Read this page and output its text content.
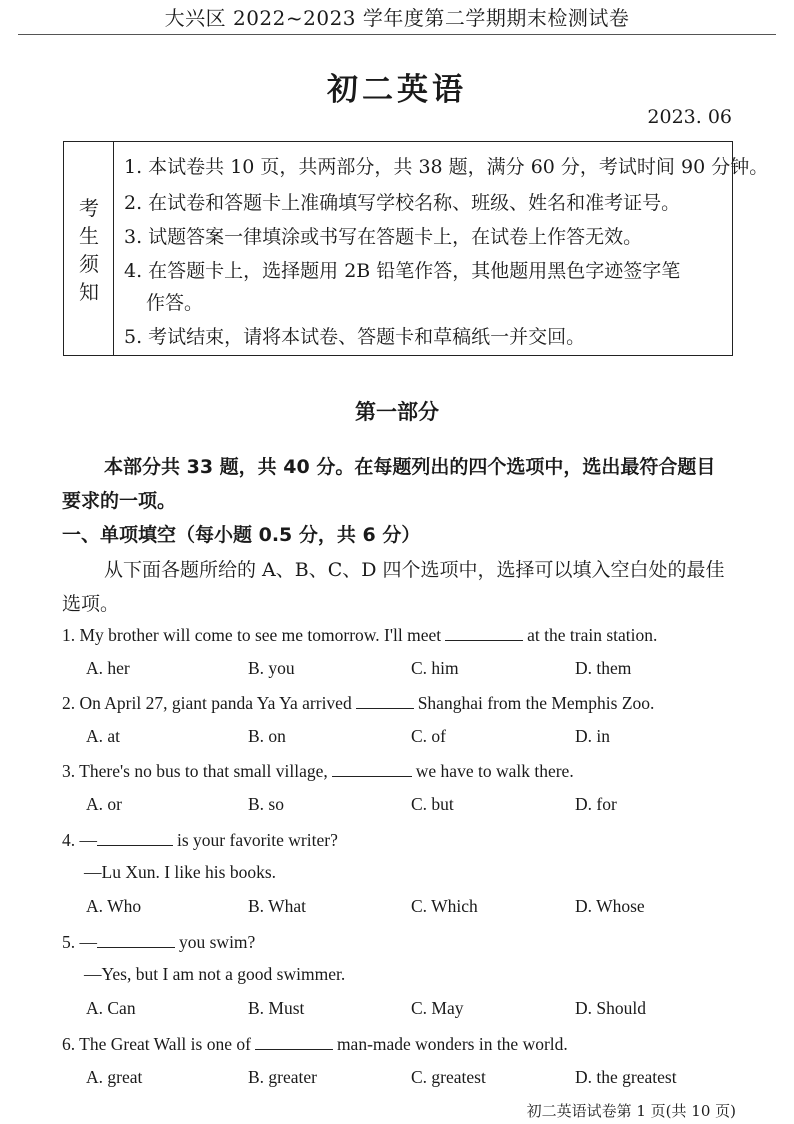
大兴区 2022~2023 学年度第二学期期末检测试卷
初二英语
2023. 06
考生须知
1. 本试卷共 10 页，共两部分，共 38 题，满分 60 分，考试时间 90 分钟。
2. 在试卷和答题卡上准确填写学校名称、班级、姓名和准考证号。
3. 试题答案一律填涂或书写在答题卡上，在试卷上作答无效。
4. 在答题卡上，选择题用 2B 铅笔作答，其他题用黑色字迹签字笔
作答。
5. 考试结束，请将本试卷、答题卡和草稿纸一并交回。
第一部分
本部分共 33 题，共 40 分。在每题列出的四个选项中，选出最符合题目
要求的一项。
一、单项填空（每小题 0.5 分，共 6 分）
从下面各题所给的 A、B、C、D 四个选项中，选择可以填入空白处的最佳
选项。
1. My brother will come to see me tomorrow. I'll meet	at the train station.
A. her	B. you	C. him	D. them
2. On April 27, giant panda Ya Ya arrived	Shanghai from the Memphis Zoo.
A. at	B. on	C. of	D. in
3. There's no bus to that small village,	we have to walk there.
A. or	B. so	C. but	D. for
4. —	is your favorite writer?
—Lu Xun. I like his books.
A. Who	B. What	C. Which	D. Whose
5. —	you swim?
—Yes, but I am not a good swimmer.
A. Can	B. Must	C. May	D. Should
6. The Great Wall is one of	man-made wonders in the world.
A. great	B. greater	C. greatest	D. the greatest
初二英语试卷第 1 页(共 10 页)
